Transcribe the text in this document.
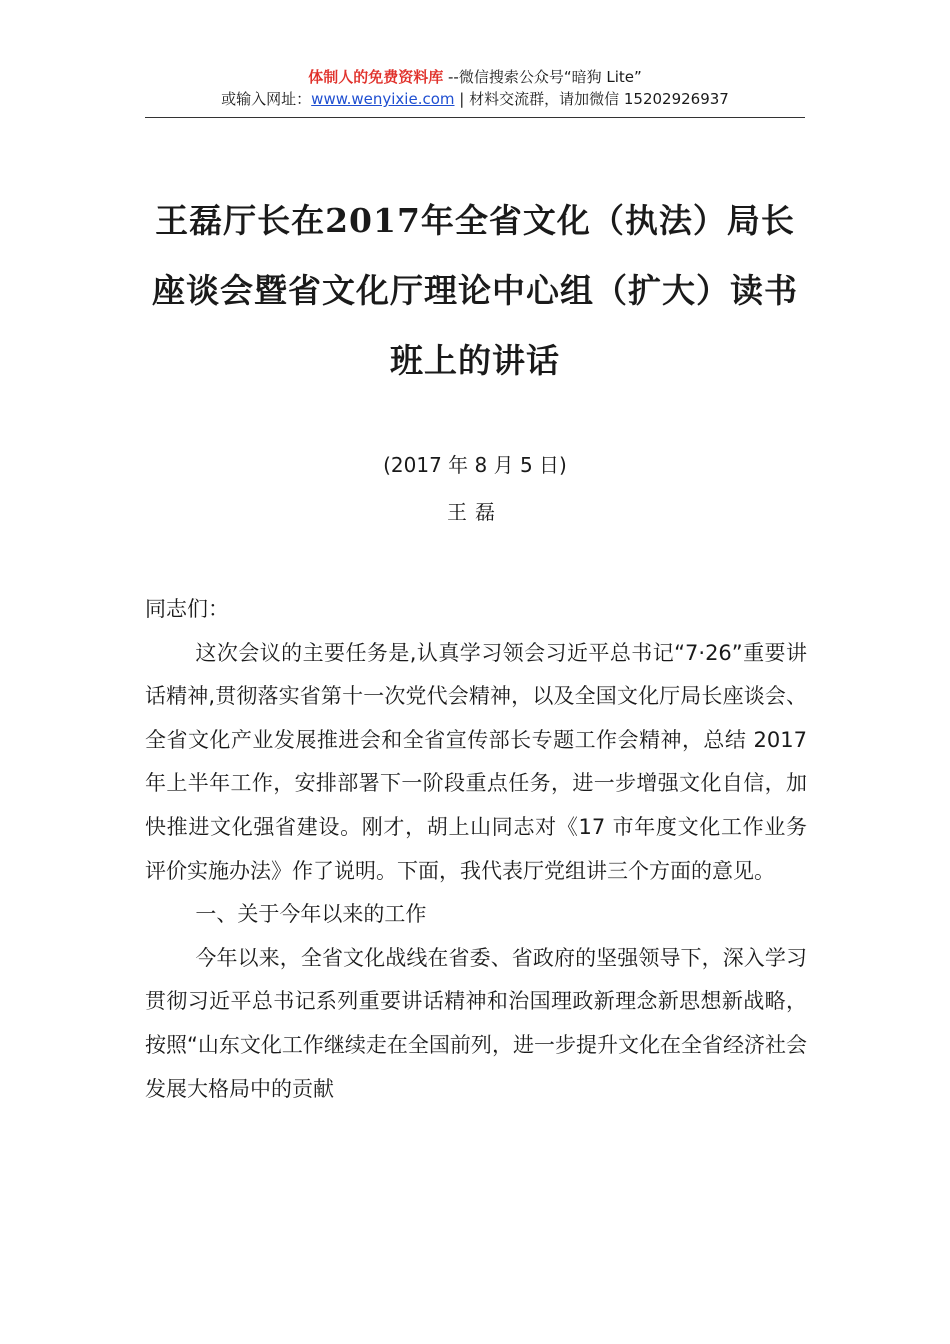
体制人的免费资料库 --微信搜索公众号“暗狗 Lite”
或输入网址：www.wenyixie.com | 材料交流群，请加微信 15202926937
王磊厅长在2017年全省文化（执法）局长座谈会暨省文化厅理论中心组（扩大）读书班上的讲话
(2017 年 8 月 5 日)
王磊

同志们：

这次会议的主要任务是,认真学习领会习近平总书记“7·26”重要讲话精神,贯彻落实省第十一次党代会精神，以及全国文化厅局长座谈会、全省文化产业发展推进会和全省宣传部长专题工作会精神，总结 2017 年上半年工作，安排部署下一阶段重点任务，进一步增强文化自信，加快推进文化强省建设。刚才，胡上山同志对《17 市年度文化工作业务评价实施办法》作了说明。下面，我代表厅党组讲三个方面的意见。

一、关于今年以来的工作

今年以来，全省文化战线在省委、省政府的坚强领导下，深入学习贯彻习近平总书记系列重要讲话精神和治国理政新理念新思想新战略，按照“山东文化工作继续走在全国前列，进一步提升文化在全省经济社会发展大格局中的贡献
